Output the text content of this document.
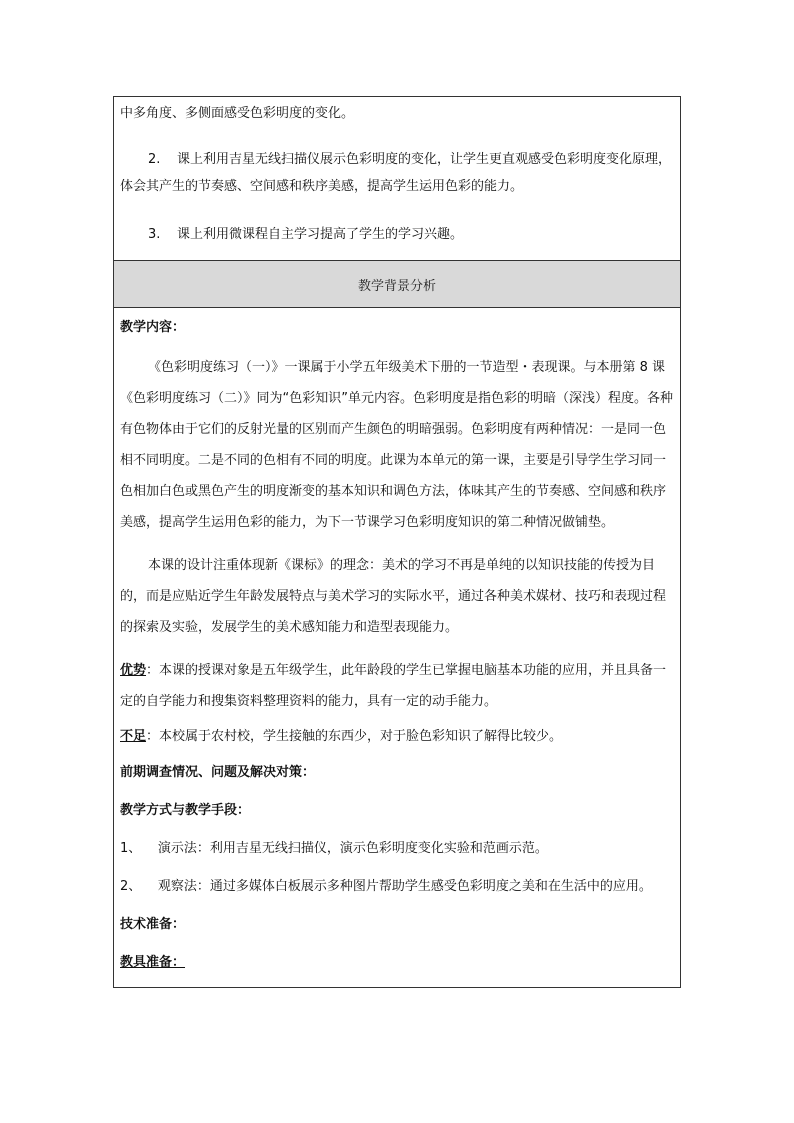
中多角度、多侧面感受色彩明度的变化。

2. 课上利用吉星无线扫描仪展示色彩明度的变化，让学生更直观感受色彩明度变化原理，体会其产生的节奏感、空间感和秩序美感，提高学生运用色彩的能力。

3. 课上利用微课程自主学习提高了学生的学习兴趣。

教学背景分析

教学内容：

《色彩明度练习（一）》一课属于小学五年级美术下册的一节造型・表现课。与本册第 8 课《色彩明度练习（二）》同为“色彩知识”单元内容。色彩明度是指色彩的明暗（深浅）程度。各种有色物体由于它们的反射光量的区别而产生颜色的明暗强弱。色彩明度有两种情况：一是同一色相不同明度。二是不同的色相有不同的明度。此课为本单元的第一课，主要是引导学生学习同一色相加白色或黑色产生的明度渐变的基本知识和调色方法，体味其产生的节奏感、空间感和秩序美感，提高学生运用色彩的能力，为下一节课学习色彩明度知识的第二种情况做铺垫。

本课的设计注重体现新《课标》的理念：美术的学习不再是单纯的以知识技能的传授为目的，而是应贴近学生年龄发展特点与美术学习的实际水平，通过各种美术媒材、技巧和表现过程的探索及实验，发展学生的美术感知能力和造型表现能力。

优势：本课的授课对象是五年级学生，此年龄段的学生已掌握电脑基本功能的应用，并且具备一定的自学能力和搜集资料整理资料的能力，具有一定的动手能力。

不足：本校属于农村校，学生接触的东西少，对于脸色彩知识了解得比较少。

前期调查情况、问题及解决对策：

教学方式与教学手段：

1、 演示法：利用吉星无线扫描仪，演示色彩明度变化实验和范画示范。

2、 观察法：通过多媒体白板展示多种图片帮助学生感受色彩明度之美和在生活中的应用。

技术准备：

教具准备：
